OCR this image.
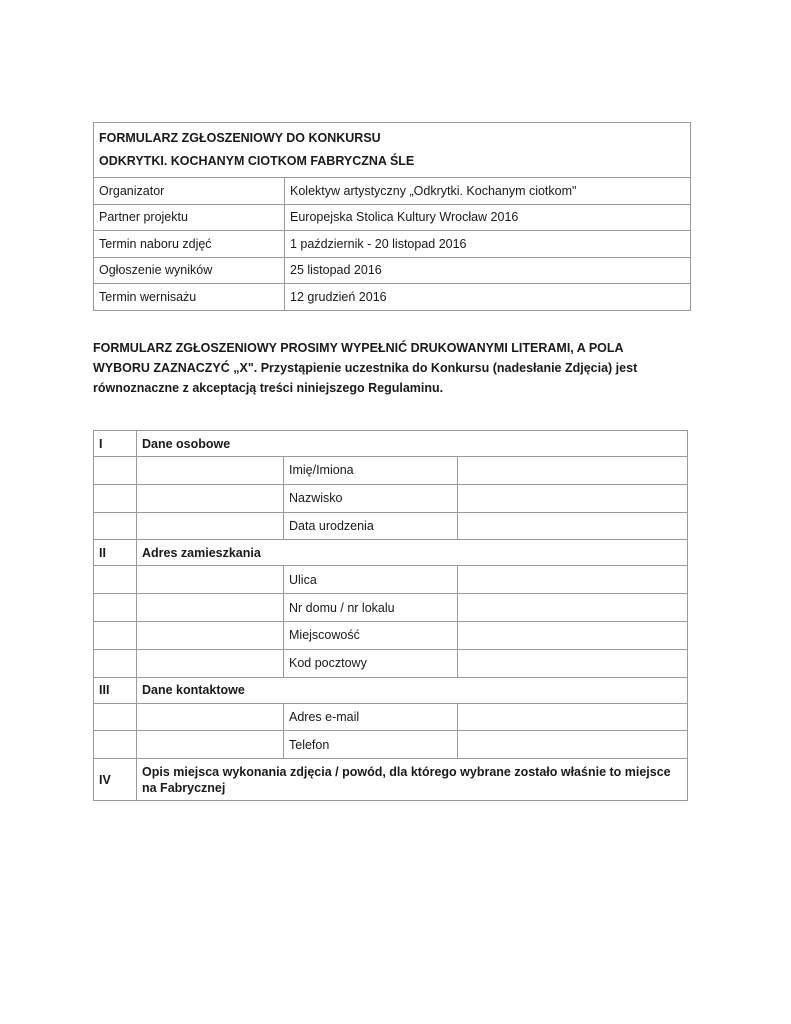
FORMULARZ ZGŁOSZENIOWY DO KONKURSU
ODKRYTKI. KOCHANYM CIOTKOM FABRYCZNA ŚLE	

Organizator	Kolektyw artystyczny „Odkrytki. Kochanym ciotkom"
Partner projektu	Europejska Stolica Kultury Wrocław 2016
Termin naboru zdjęć	1 październik - 20 listopad 2016
Ogłoszenie wyników	25 listopad 2016
Termin wernisażu	12 grudzień 2016

FORMULARZ ZGŁOSZENIOWY PROSIMY WYPEŁNIĆ DRUKOWANYMI LITERAMI, A POLA WYBORU ZAZNACZYĆ „X". Przystąpienie uczestnika do Konkursu (nadesłanie Zdjęcia) jest równoznaczne z akceptacją treści niniejszego Regulaminu.

I	Dane osobowe		
		Imię/Imiona	
		Nazwisko	
		Data urodzenia	
II	Adres zamieszkania		
		Ulica	
		Nr domu / nr lokalu	
		Miejscowość	
		Kod pocztowy	
III	Dane kontaktowe		
		Adres e-mail	
		Telefon	
IV	Opis miejsca wykonania zdjęcia / powód, dla którego wybrane zostało właśnie to miejsce na Fabrycznej		
